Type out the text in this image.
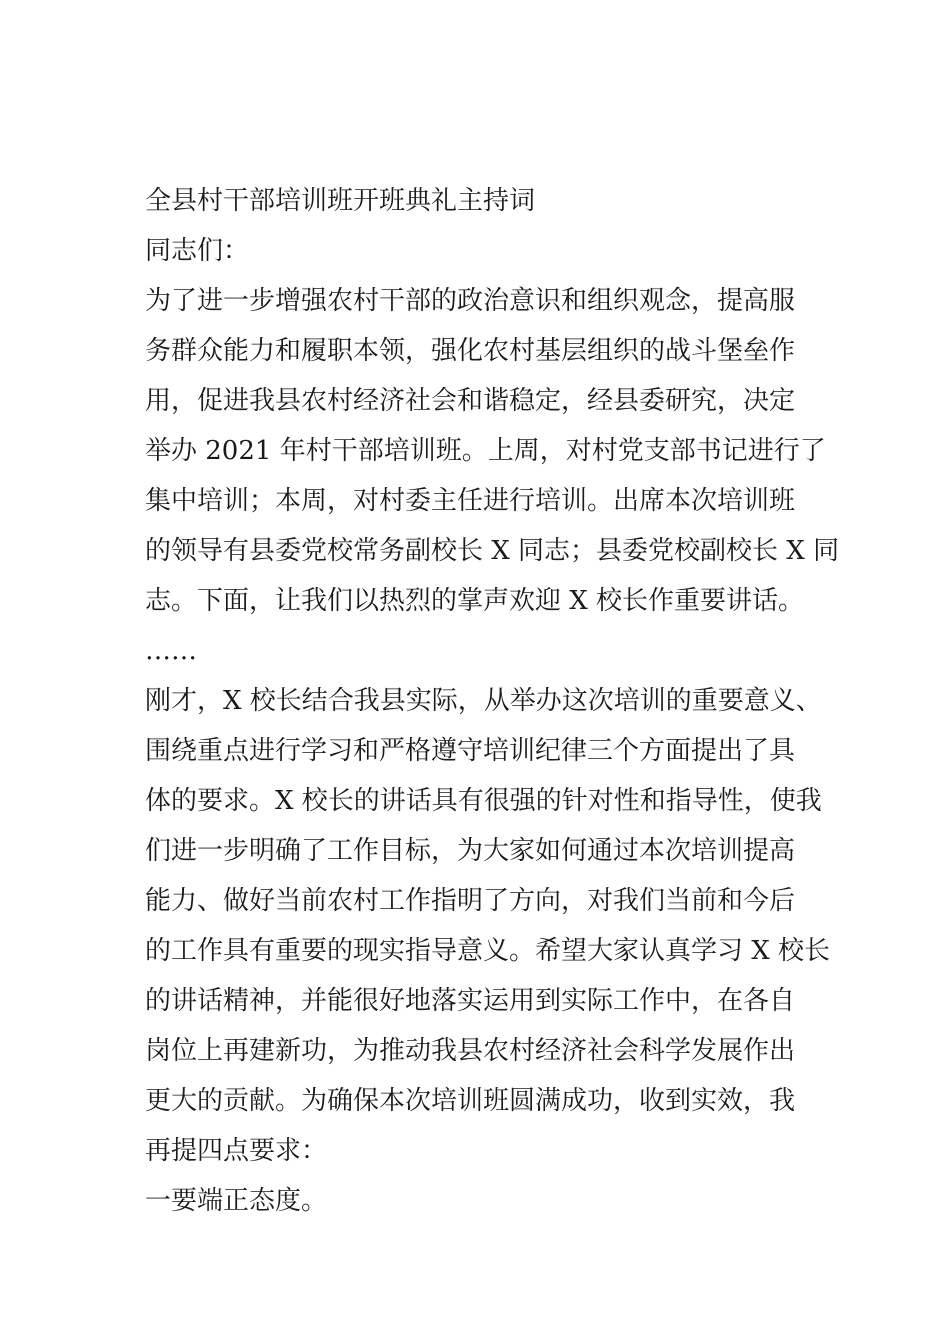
全县村干部培训班开班典礼主持词

同志们：

为了进一步增强农村干部的政治意识和组织观念，提高服

务群众能力和履职本领，强化农村基层组织的战斗堡垒作

用，促进我县农村经济社会和谐稳定，经县委研究，决定

举办 2021 年村干部培训班。上周，对村党支部书记进行了

集中培训；本周，对村委主任进行培训。出席本次培训班

的领导有县委党校常务副校长 X 同志；县委党校副校长 X 同

志。下面，让我们以热烈的掌声欢迎 X 校长作重要讲话。

……

刚才，X 校长结合我县实际，从举办这次培训的重要意义、

围绕重点进行学习和严格遵守培训纪律三个方面提出了具

体的要求。X 校长的讲话具有很强的针对性和指导性，使我

们进一步明确了工作目标，为大家如何通过本次培训提高

能力、做好当前农村工作指明了方向，对我们当前和今后

的工作具有重要的现实指导意义。希望大家认真学习 X 校长

的讲话精神，并能很好地落实运用到实际工作中，在各自

岗位上再建新功，为推动我县农村经济社会科学发展作出

更大的贡献。为确保本次培训班圆满成功，收到实效，我

再提四点要求：

一要端正态度。
